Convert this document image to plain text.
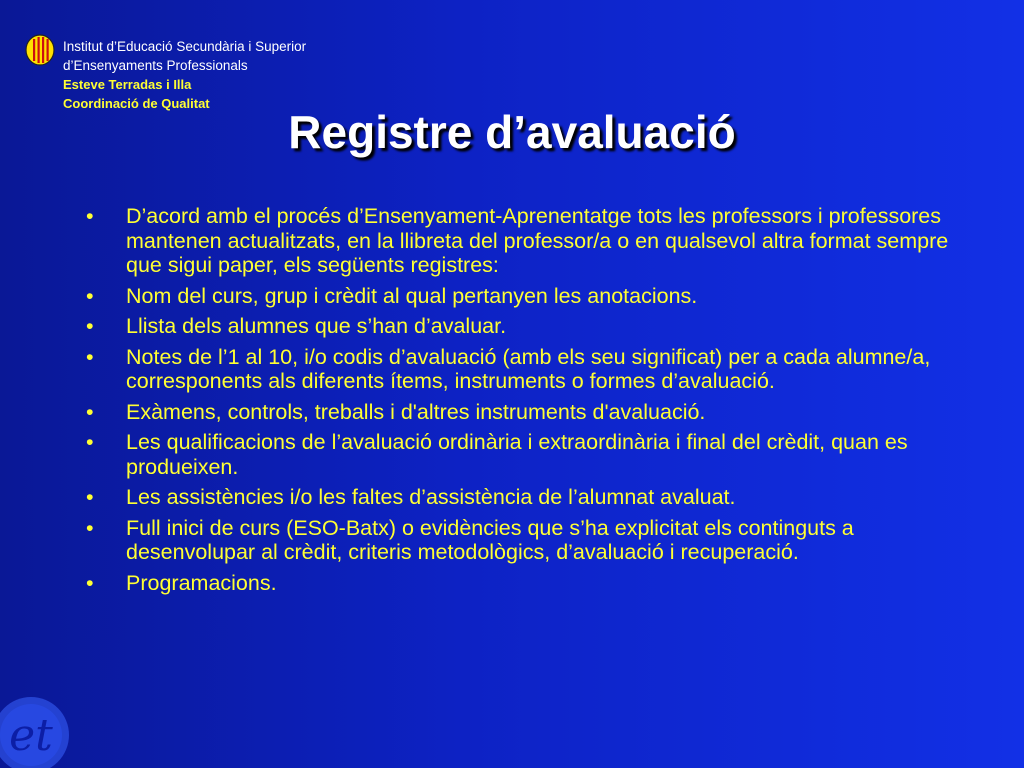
Institut d’Educació Secundària i Superior
d’Ensenyaments Professionals
Esteve Terradas i Illa
Coordinació de Qualitat
Registre d’avaluació
• D’acord amb el procés d’Ensenyament-Aprenentatge tots les professors i professores mantenen actualitzats, en la llibreta del professor/a o en qualsevol altra format sempre que sigui paper, els següents registres:
• Nom del curs, grup i crèdit al qual pertanyen les anotacions.
• Llista dels alumnes que s’han d’avaluar.
• Notes de l’1 al 10, i/o codis d’avaluació (amb els seu significat) per a cada alumne/a, corresponents als diferents ítems, instruments o formes d’avaluació.
• Exàmens, controls, treballs i d'altres instruments d'avaluació.
• Les qualificacions de l’avaluació ordinària i extraordinària i final del crèdit, quan es produeixen.
• Les assistències i/o les faltes d’assistència de l’alumnat avaluat.
• Full inici de curs (ESO-Batx) o evidències que s’ha explicitat els continguts a desenvolupar al crèdit, criteris metodològics, d’avaluació i recuperació.
• Programacions.
et
